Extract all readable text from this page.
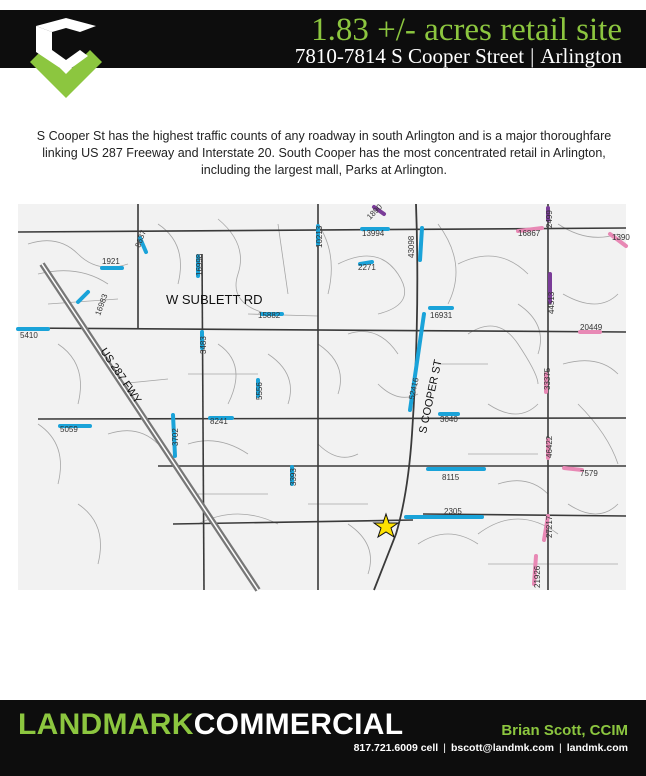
1.83 +/- acres retail site
7810-7814 S Cooper Street | Arlington

S Cooper St has the highest traffic counts of any roadway in south Arlington and is a major thoroughfare linking US 287 Freeway and Interstate 20. South Cooper has the most concentrated retail in Arlington, including the largest mall, Parks at Arlington.

1921
8637
16998
10213
1890
13994
2271
43098
16867
2499
1390
16983
3483
15882	16931
44513
5410
20449
5556	52416	33375
8241
3702
5059
3040
46422
3393	8115	7579
2305
27217
21926
W SUBLETT RD
S COOPER ST
US 287 FWY
LANDMARKCOMMERCIAL	Brian Scott, CCIM
817.721.6009 cell | bscott@landmk.com | landmk.com
